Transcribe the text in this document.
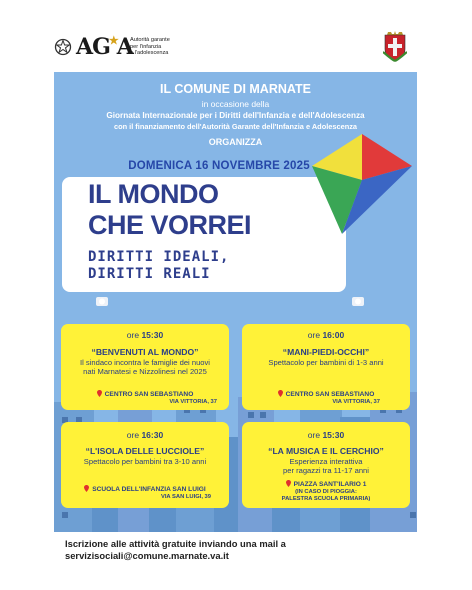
AG★A
Autorità garante
per l'infanzia
e l'adolescenza
IL COMUNE DI MARNATE
in occasione della
Giornata Internazionale per i Diritti dell'Infanzia e dell'Adolescenza
con il finanziamento dell'Autorità Garante dell'Infanzia e Adolescenza
ORGANIZZA
DOMENICA 16 NOVEMBRE 2025
IL MONDO
CHE VORREI
DIRITTI IDEALI,
DIRITTI REALI
ore 15:30
“BENVENUTI AL MONDO”
Il sindaco incontra le famiglie dei nuovi
nati Marnatesi e Nizzolinesi nel 2025
CENTRO SAN SEBASTIANO
VIA VITTORIA, 37
ore 16:00
“MANI-PIEDI-OCCHI”
Spettacolo per bambini di 1-3 anni
CENTRO SAN SEBASTIANO
VIA VITTORIA, 37
ore 16:30
“L'ISOLA DELLE LUCCIOLE”
Spettacolo per bambini tra 3-10 anni
SCUOLA DELL'INFANZIA SAN LUIGI
VIA SAN LUIGI, 39
ore 15:30
“LA MUSICA E IL CERCHIO”
Esperienza interattiva
per ragazzi tra 11-17 anni
PIAZZA SANT'ILARIO 1
(IN CASO DI PIOGGIA:
PALESTRA SCUOLA PRIMARIA)
Iscrizione alle attività gratuite inviando una mail a
servizisociali@comune.marnate.va.it
